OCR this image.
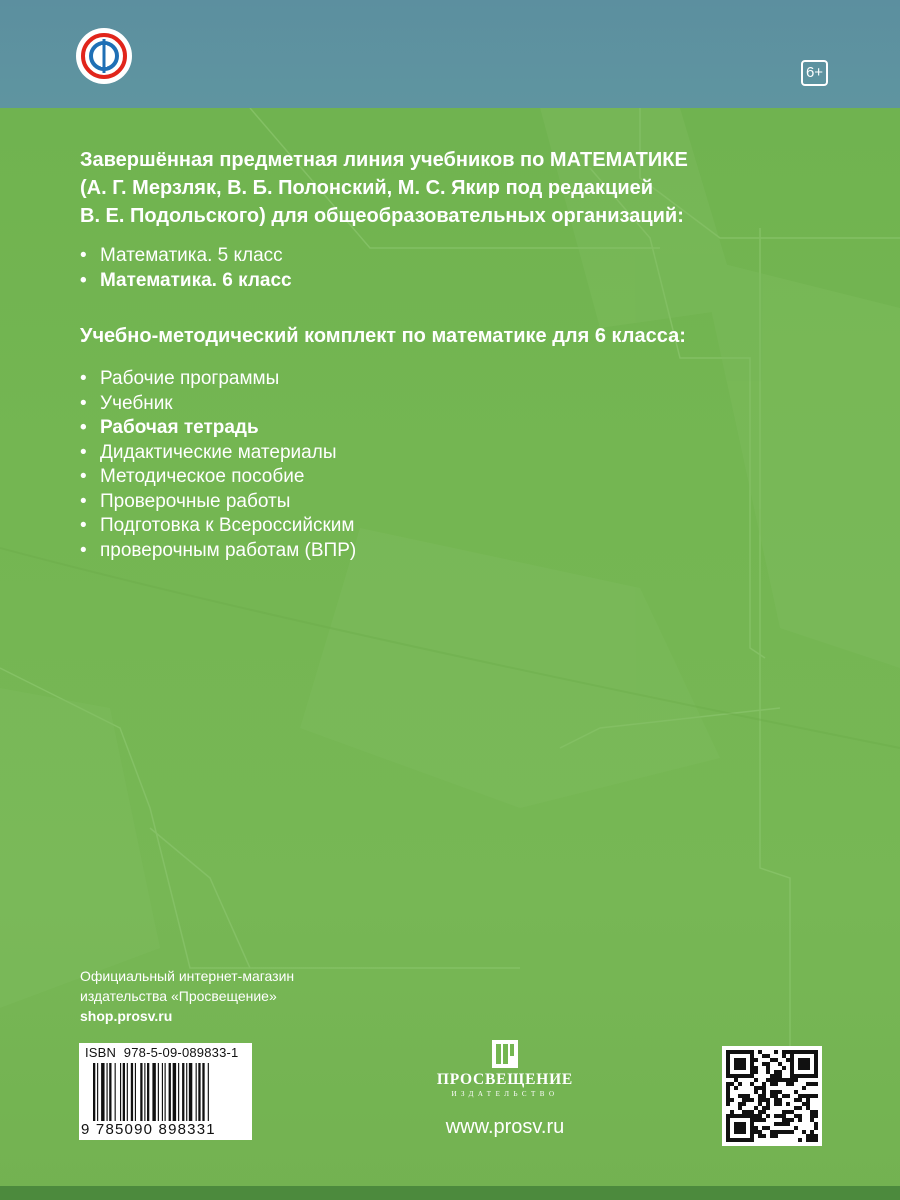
6+
Завершённая предметная линия учебников по МАТЕМАТИКЕ
(А. Г. Мерзляк, В. Б. Полонский, М. С. Якир под редакцией
В. Е. Подольского) для общеобразовательных организаций:
• Математика. 5 класс
• Математика. 6 класс
Учебно-методический комплект по математике для 6 класса:
• Рабочие программы
• Учебник
• Рабочая тетрадь
• Дидактические материалы
• Методическое пособие
• Проверочные работы
• Подготовка к Всероссийским
• проверочным работам (ВПР)
Официальный интернет-магазин
издательства «Просвещение»
shop.prosv.ru
ISBN 978-5-09-089833-1
9 785090 898331
ПРОСВЕЩЕНИЕ
ИЗДАТЕЛЬСТВО
www.prosv.ru
